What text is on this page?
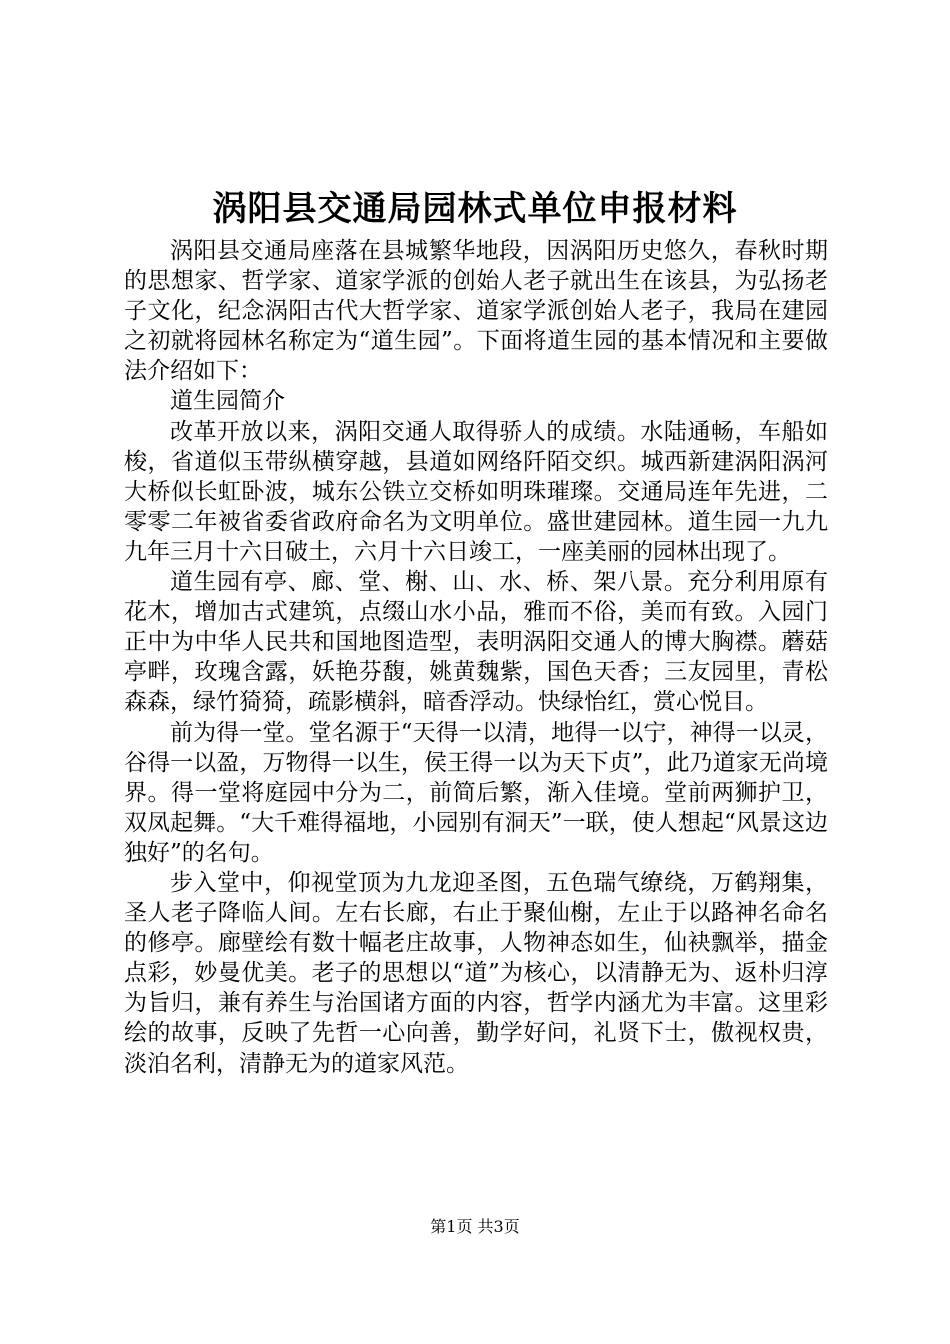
涡阳县交通局园林式单位申报材料

涡阳县交通局座落在县城繁华地段，因涡阳历史悠久，春秋时期的思想家、哲学家、道家学派的创始人老子就出生在该县，为弘扬老子文化，纪念涡阳古代大哲学家、道家学派创始人老子，我局在建园之初就将园林名称定为“道生园”。下面将道生园的基本情况和主要做法介绍如下：

道生园简介

改革开放以来，涡阳交通人取得骄人的成绩。水陆通畅，车船如梭，省道似玉带纵横穿越，县道如网络阡陌交织。城西新建涡阳涡河大桥似长虹卧波，城东公铁立交桥如明珠璀璨。交通局连年先进，二零零二年被省委省政府命名为文明单位。盛世建园林。道生园一九九九年三月十六日破土，六月十六日竣工，一座美丽的园林出现了。

道生园有亭、廊、堂、榭、山、水、桥、架八景。充分利用原有花木，增加古式建筑，点缀山水小品，雅而不俗，美而有致。入园门正中为中华人民共和国地图造型，表明涡阳交通人的博大胸襟。蘑菇亭畔，玫瑰含露，妖艳芬馥，姚黄魏紫，国色天香；三友园里，青松森森，绿竹猗猗，疏影横斜，暗香浮动。快绿怡红，赏心悦目。

前为得一堂。堂名源于“天得一以清，地得一以宁，神得一以灵，谷得一以盈，万物得一以生，侯王得一以为天下贞”，此乃道家无尚境界。得一堂将庭园中分为二，前简后繁，渐入佳境。堂前两狮护卫，双凤起舞。“大千难得福地，小园别有洞天”一联，使人想起“风景这边独好”的名句。

步入堂中，仰视堂顶为九龙迎圣图，五色瑞气缭绕，万鹤翔集，圣人老子降临人间。左右长廊，右止于聚仙榭，左止于以路神名命名的修亭。廊壁绘有数十幅老庄故事，人物神态如生，仙袂飘举，描金点彩，妙曼优美。老子的思想以“道”为核心，以清静无为、返朴归淳为旨归，兼有养生与治国诸方面的内容，哲学内涵尤为丰富。这里彩绘的故事，反映了先哲一心向善，勤学好问，礼贤下士，傲视权贵，淡泊名利，清静无为的道家风范。

第1页 共3页
